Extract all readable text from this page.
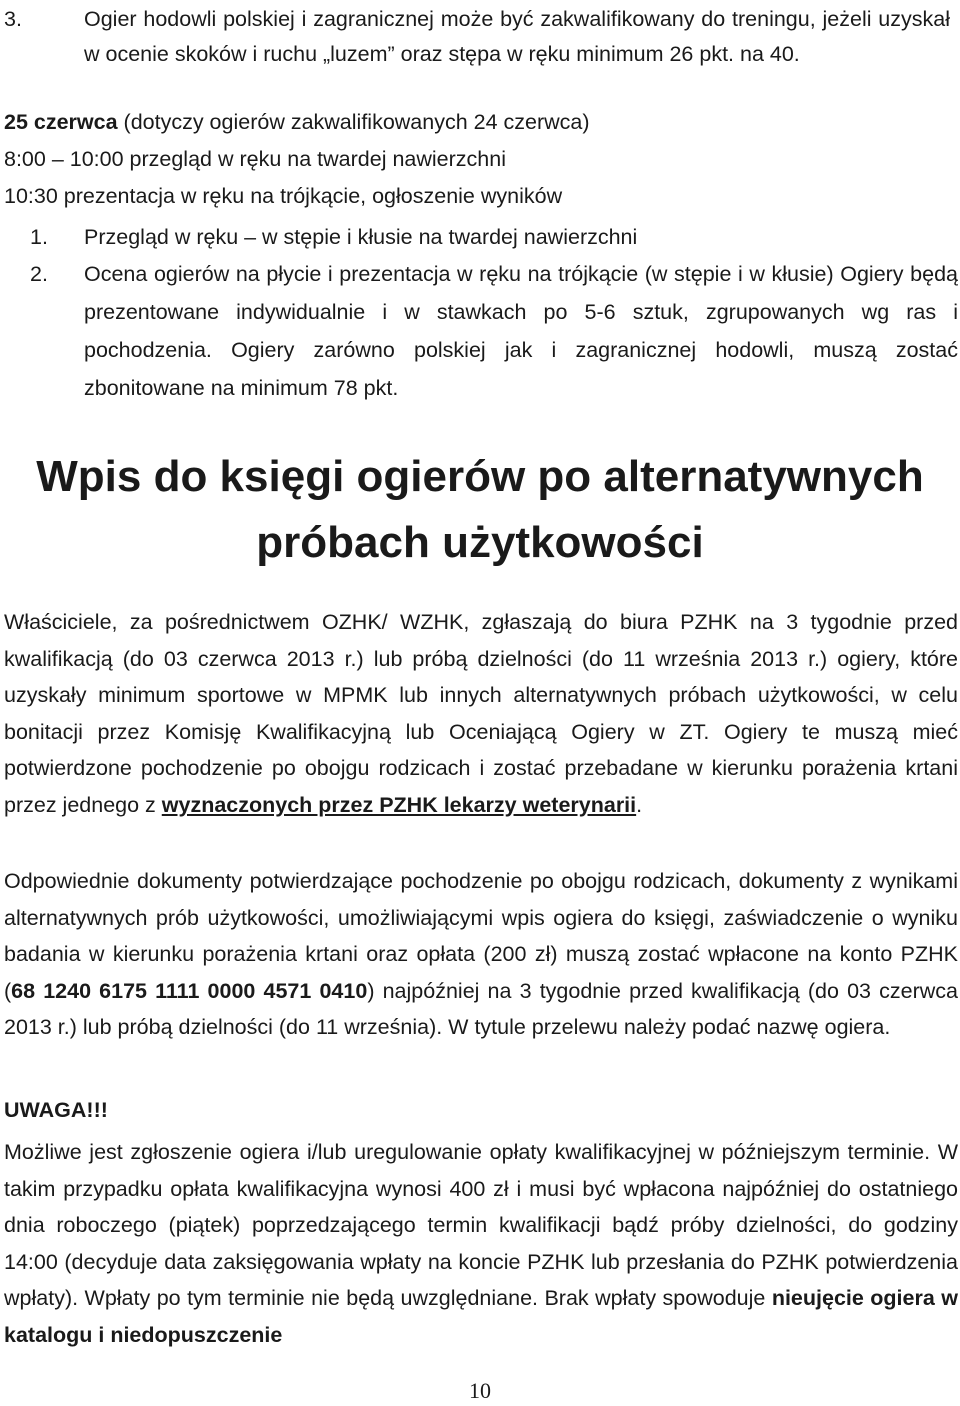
3.	Ogier hodowli polskiej i zagranicznej może być zakwalifikowany do treningu, jeżeli uzyskał w ocenie skoków i ruchu „luzem” oraz stępa w ręku minimum 26 pkt. na 40.
25 czerwca (dotyczy ogierów zakwalifikowanych 24 czerwca)
8:00 – 10:00 przegląd w ręku na twardej nawierzchni
10:30 prezentacja w ręku na trójkącie, ogłoszenie wyników
1. Przegląd w ręku – w stępie i kłusie na twardej nawierzchni
2. Ocena ogierów na płycie i prezentacja w ręku na trójkącie (w stępie i w kłusie) Ogiery będą prezentowane indywidualnie i w stawkach po 5-6 sztuk, zgrupowanych wg ras i pochodzenia. Ogiery zarówno polskiej jak i zagranicznej hodowli, muszą zostać zbonitowane na minimum 78 pkt.
Wpis do księgi ogierów po alternatywnych
próbach użytkowości
Właściciele, za pośrednictwem OZHK/ WZHK, zgłaszają do biura PZHK na 3 tygodnie przed kwalifikacją (do 03 czerwca 2013 r.) lub próbą dzielności (do 11 września 2013 r.) ogiery, które uzyskały minimum sportowe w MPMK lub innych alternatywnych próbach użytkowości, w celu bonitacji przez Komisję Kwalifikacyjną lub Oceniającą Ogiery w ZT. Ogiery te muszą mieć potwierdzone pochodzenie po obojgu rodzicach i zostać przebadane w kierunku porażenia krtani przez jednego z wyznaczonych przez PZHK lekarzy weterynarii.
Odpowiednie dokumenty potwierdzające pochodzenie po obojgu rodzicach, dokumenty z wynikami alternatywnych prób użytkowości, umożliwiającymi wpis ogiera do księgi, zaświadczenie o wyniku badania w kierunku porażenia krtani oraz opłata (200 zł) muszą zostać wpłacone na konto PZHK (68 1240 6175 1111 0000 4571 0410) najpóźniej na 3 tygodnie przed kwalifikacją (do 03 czerwca 2013 r.) lub próbą dzielności (do 11 września). W tytule przelewu należy podać nazwę ogiera.
UWAGA!!!
Możliwe jest zgłoszenie ogiera i/lub uregulowanie opłaty kwalifikacyjnej w późniejszym terminie. W takim przypadku opłata kwalifikacyjna wynosi 400 zł i musi być wpłacona najpóźniej do ostatniego dnia roboczego (piątek) poprzedzającego termin kwalifikacji bądź próby dzielności, do godziny 14:00 (decyduje data zaksięgowania wpłaty na koncie PZHK lub przesłania do PZHK potwierdzenia wpłaty). Wpłaty po tym terminie nie będą uwzględniane. Brak wpłaty spowoduje nieujęcie ogiera w katalogu i niedopuszczenie
10
